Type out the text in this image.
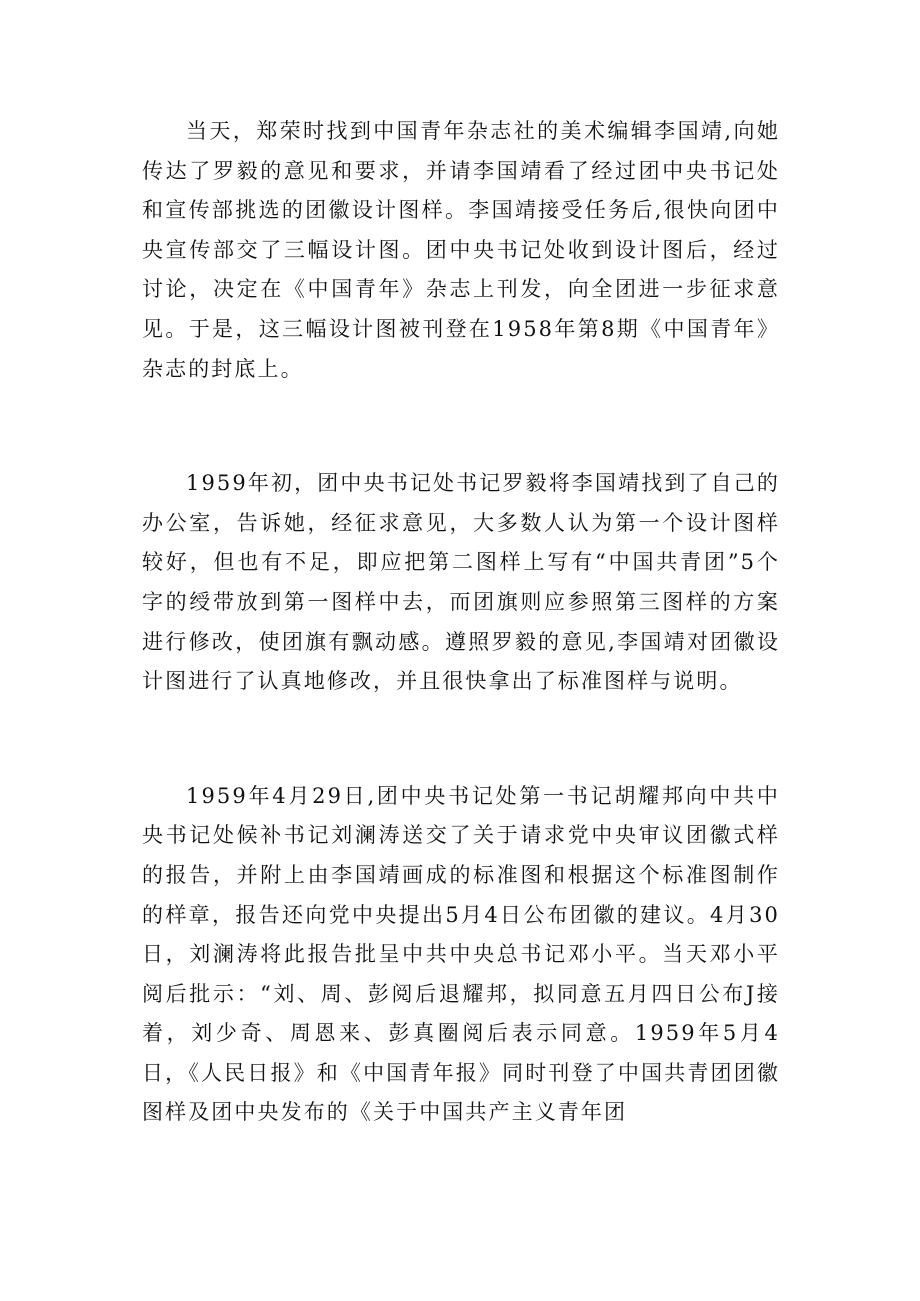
当天，郑荣时找到中国青年杂志社的美术编辑李国靖,向她传达了罗毅的意见和要求，并请李国靖看了经过团中央书记处和宣传部挑选的团徽设计图样。李国靖接受任务后,很快向团中央宣传部交了三幅设计图。团中央书记处收到设计图后，经过讨论，决定在《中国青年》杂志上刊发，向全团进一步征求意见。于是，这三幅设计图被刊登在1958年第8期《中国青年》杂志的封底上。

1959年初，团中央书记处书记罗毅将李国靖找到了自己的办公室，告诉她，经征求意见，大多数人认为第一个设计图样较好，但也有不足，即应把第二图样上写有“中国共青团”5个字的绶带放到第一图样中去，而团旗则应参照第三图样的方案进行修改，使团旗有飘动感。遵照罗毅的意见,李国靖对团徽设计图进行了认真地修改，并且很快拿出了标准图样与说明。

1959年4月29日,团中央书记处第一书记胡耀邦向中共中央书记处候补书记刘澜涛送交了关于请求党中央审议团徽式样的报告，并附上由李国靖画成的标准图和根据这个标准图制作的样章，报告还向党中央提出5月4日公布团徽的建议。4月30日，刘澜涛将此报告批呈中共中央总书记邓小平。当天邓小平阅后批示：“刘、周、彭阅后退耀邦，拟同意五月四日公布J接着，刘少奇、周恩来、彭真圈阅后表示同意。1959年5月4日，《人民日报》和《中国青年报》同时刊登了中国共青团团徽图样及团中央发布的《关于中国共产主义青年团
